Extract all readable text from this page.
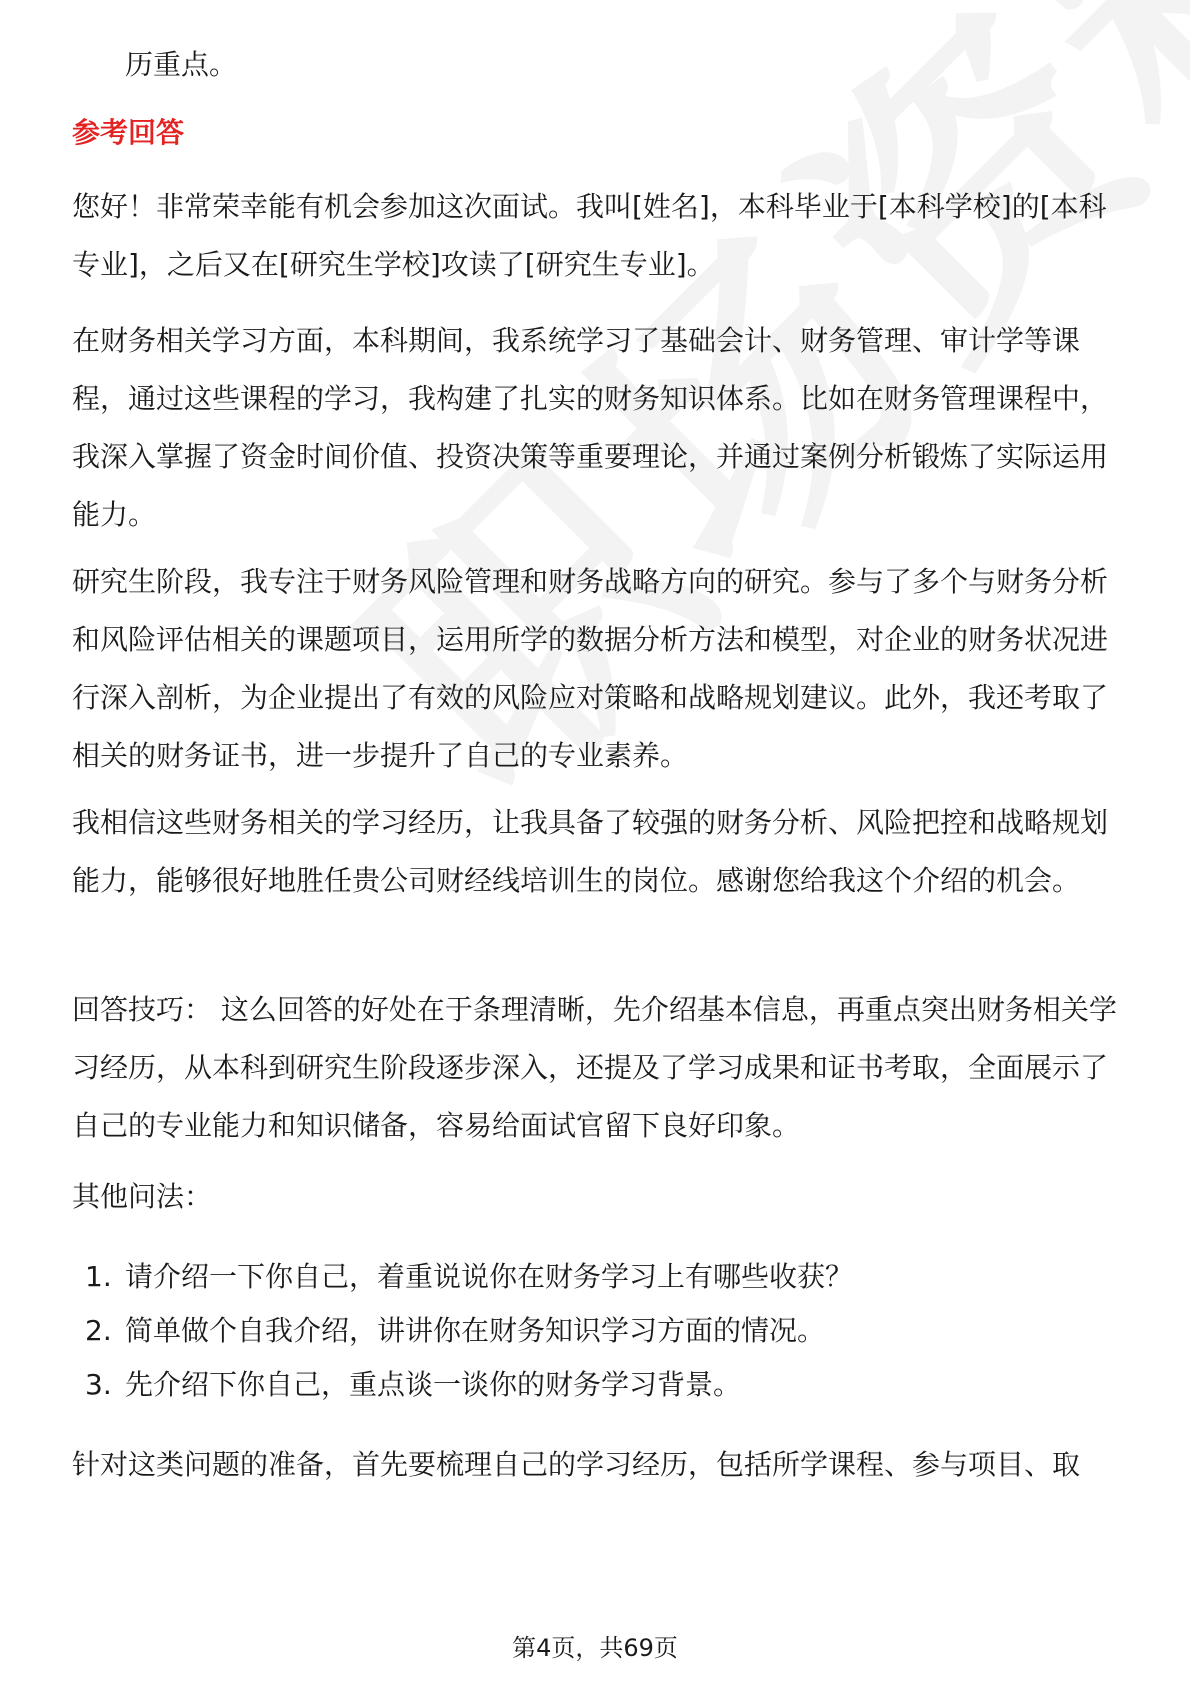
历重点。

参考回答

您好！非常荣幸能有机会参加这次面试。我叫[姓名]，本科毕业于[本科学校]的[本科专业]，之后又在[研究生学校]攻读了[研究生专业]。

在财务相关学习方面，本科期间，我系统学习了基础会计、财务管理、审计学等课程，通过这些课程的学习，我构建了扎实的财务知识体系。比如在财务管理课程中，我深入掌握了资金时间价值、投资决策等重要理论，并通过案例分析锻炼了实际运用能力。

研究生阶段，我专注于财务风险管理和财务战略方向的研究。参与了多个与财务分析和风险评估相关的课题项目，运用所学的数据分析方法和模型，对企业的财务状况进行深入剖析，为企业提出了有效的风险应对策略和战略规划建议。此外，我还考取了相关的财务证书，进一步提升了自己的专业素养。

我相信这些财务相关的学习经历，让我具备了较强的财务分析、风险把控和战略规划能力，能够很好地胜任贵公司财经线培训生的岗位。感谢您给我这个介绍的机会。

回答技巧： 这么回答的好处在于条理清晰，先介绍基本信息，再重点突出财务相关学习经历，从本科到研究生阶段逐步深入，还提及了学习成果和证书考取，全面展示了自己的专业能力和知识储备，容易给面试官留下良好印象。

其他问法：

1. 请介绍一下你自己，着重说说你在财务学习上有哪些收获？

2. 简单做个自我介绍，讲讲你在财务知识学习方面的情况。

3. 先介绍下你自己，重点谈一谈你的财务学习背景。

针对这类问题的准备，首先要梳理自己的学习经历，包括所学课程、参与项目、取

第4页，共69页
